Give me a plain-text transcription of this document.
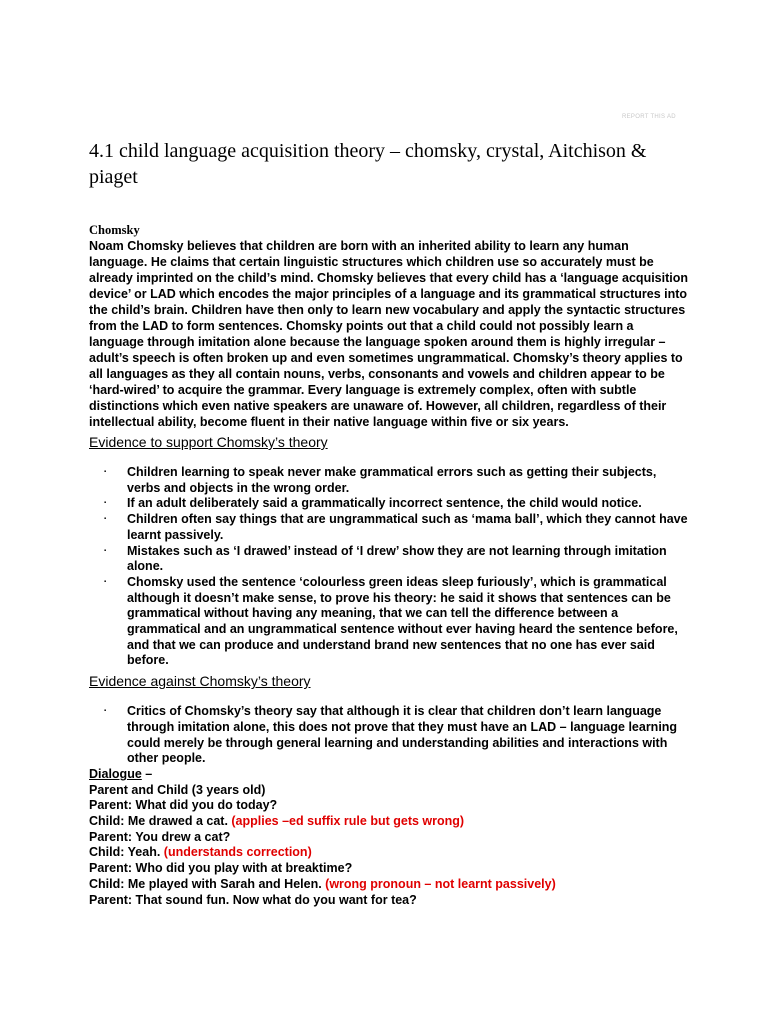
REPORT THIS AD
4.1 child language acquisition theory – chomsky, crystal, Aitchison & piaget

Chomsky

Noam Chomsky believes that children are born with an inherited ability to learn any human language. He claims that certain linguistic structures which children use so accurately must be already imprinted on the child’s mind. Chomsky believes that every child has a ‘language acquisition device’ or LAD which encodes the major principles of a language and its grammatical structures into the child’s brain. Children have then only to learn new vocabulary and apply the syntactic structures from the LAD to form sentences. Chomsky points out that a child could not possibly learn a language through imitation alone because the language spoken around them is highly irregular – adult’s speech is often broken up and even sometimes ungrammatical. Chomsky’s theory applies to all languages as they all contain nouns, verbs, consonants and vowels and children appear to be ‘hard-wired’ to acquire the grammar. Every language is extremely complex, often with subtle distinctions which even native speakers are unaware of. However, all children, regardless of their intellectual ability, become fluent in their native language within five or six years.

Evidence to support Chomsky’s theory
▪ Children learning to speak never make grammatical errors such as getting their subjects, verbs and objects in the wrong order.
▪ If an adult deliberately said a grammatically incorrect sentence, the child would notice.
▪ Children often say things that are ungrammatical such as ‘mama ball’, which they cannot have learnt passively.
▪ Mistakes such as ‘I drawed’ instead of ‘I drew’ show they are not learning through imitation alone.
▪ Chomsky used the sentence ‘colourless green ideas sleep furiously’, which is grammatical although it doesn’t make sense, to prove his theory: he said it shows that sentences can be grammatical without having any meaning, that we can tell the difference between a grammatical and an ungrammatical sentence without ever having heard the sentence before, and that we can produce and understand brand new sentences that no one has ever said before.
Evidence against Chomsky’s theory
▪ Critics of Chomsky’s theory say that although it is clear that children don’t learn language through imitation alone, this does not prove that they must have an LAD – language learning could merely be through general learning and understanding abilities and interactions with other people.
Dialogue –
Parent and Child (3 years old)
Parent: What did you do today?
Child: Me drawed a cat. (applies –ed suffix rule but gets wrong)
Parent: You drew a cat?
Child: Yeah. (understands correction)
Parent: Who did you play with at breaktime?
Child: Me played with Sarah and Helen. (wrong pronoun – not learnt passively)
Parent: That sound fun. Now what do you want for tea?
